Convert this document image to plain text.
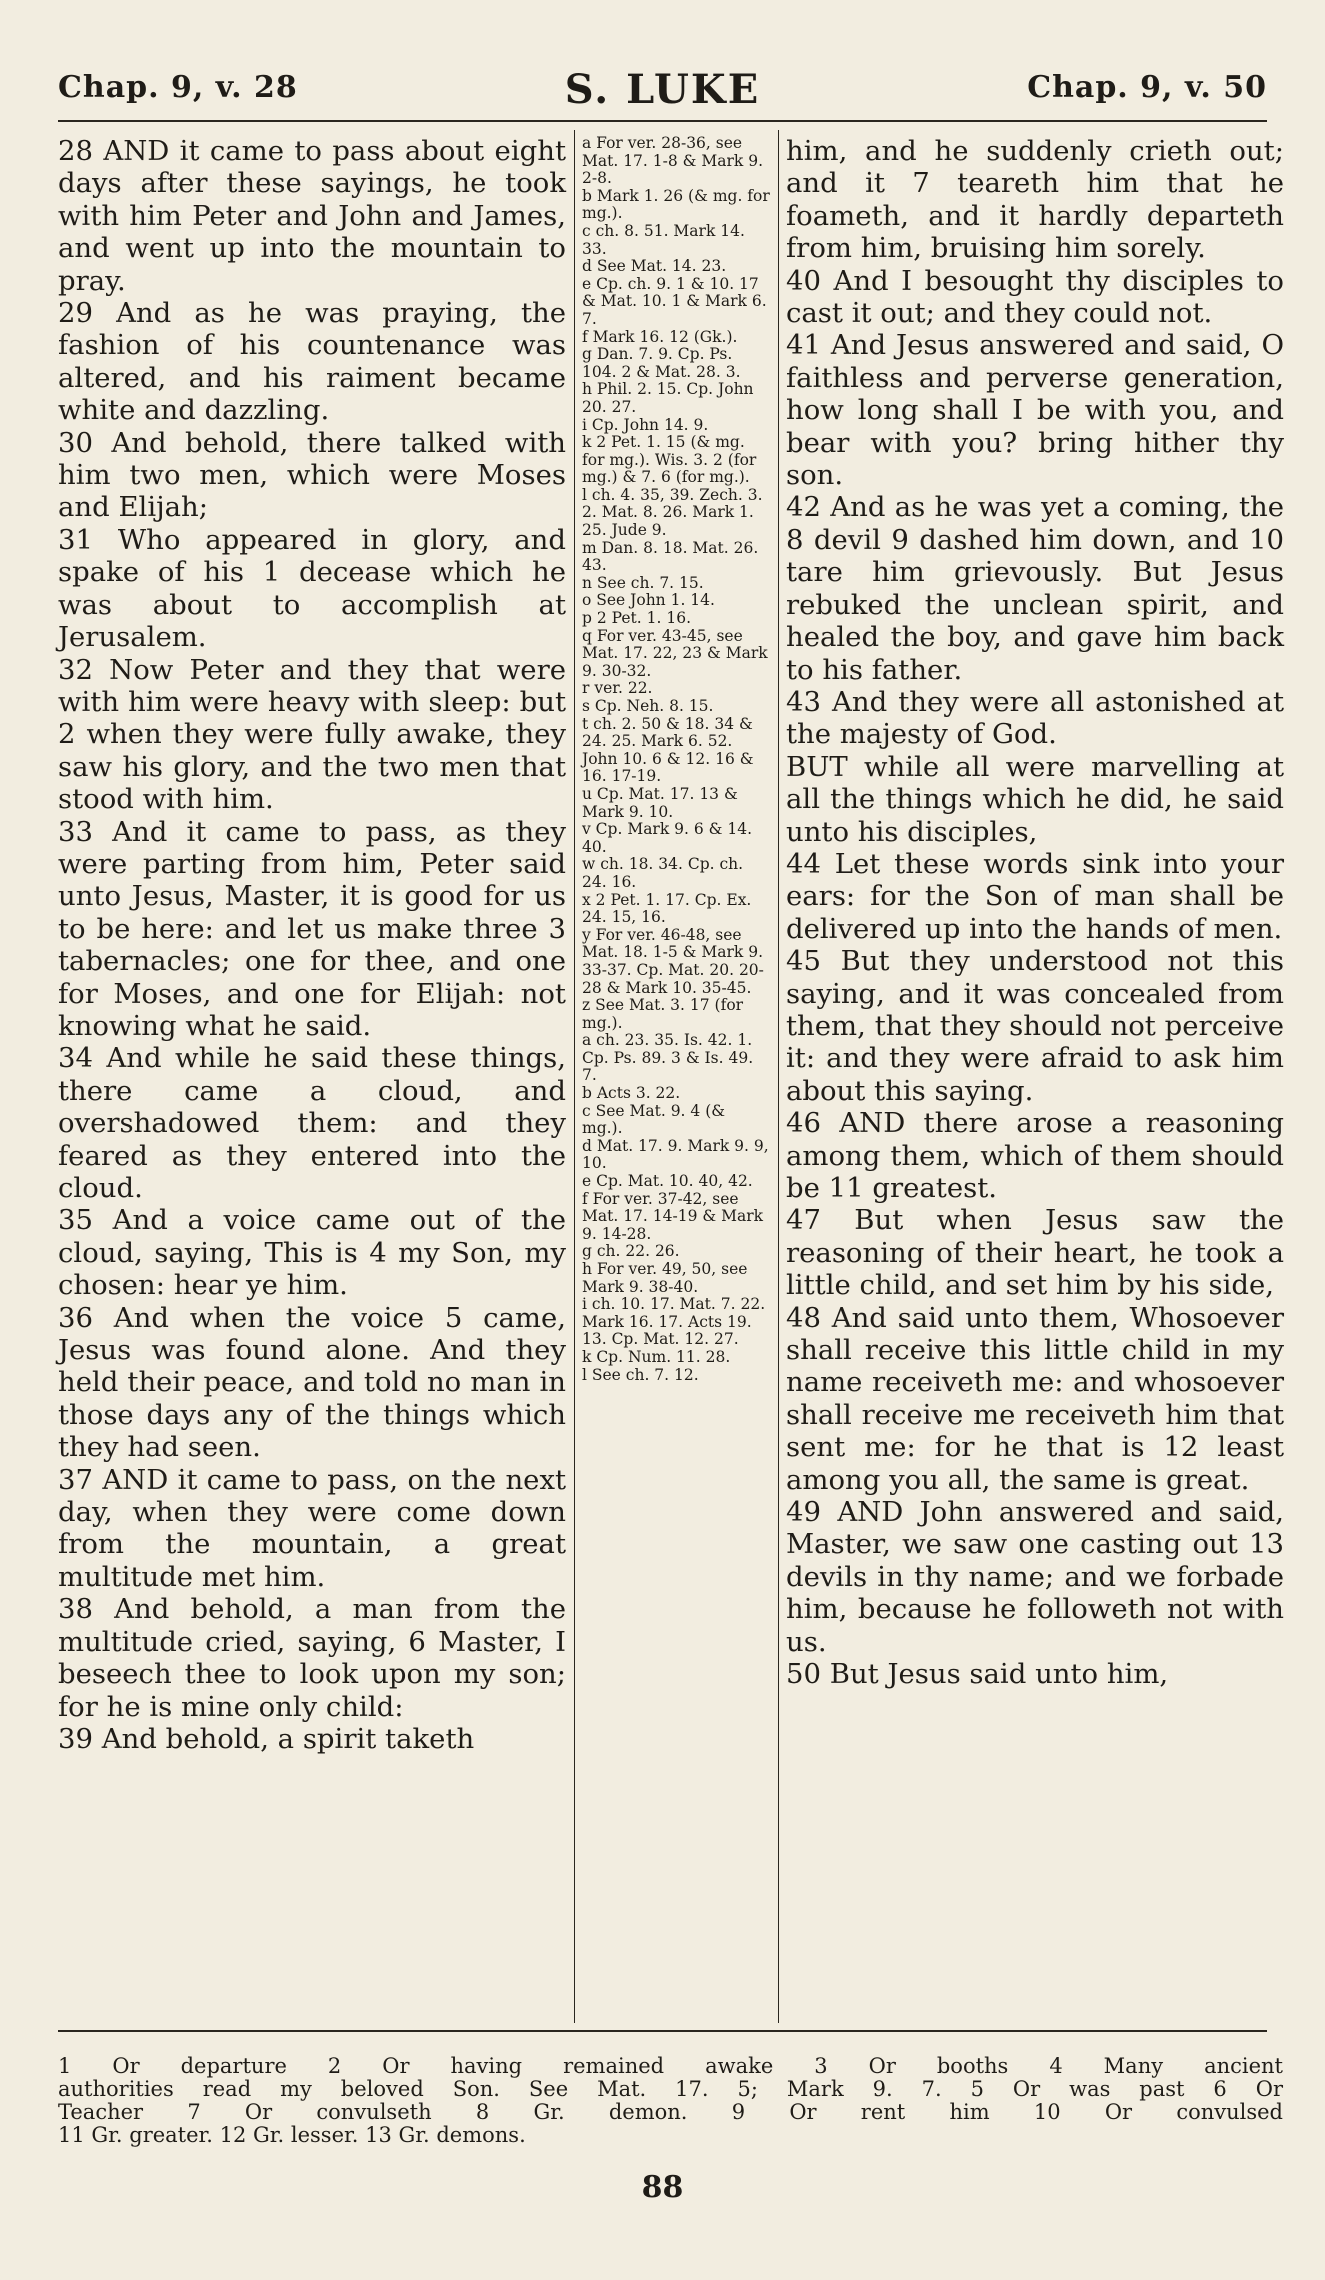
Chap. 9, v. 28	S. LUKE	Chap. 9, v. 50

28 AND it came to pass about eight days after these sayings, he took with him Peter and John and James, and went up into the mountain to pray.

29 And as he was praying, the fashion of his countenance was altered, and his raiment became white and dazzling.

30 And behold, there talked with him two men, which were Moses and Elijah;

31 Who appeared in glory, and spake of his 1 decease which he was about to accomplish at Jerusalem.

32 Now Peter and they that were with him were heavy with sleep: but 2 when they were fully awake, they saw his glory, and the two men that stood with him.

33 And it came to pass, as they were parting from him, Peter said unto Jesus, Master, it is good for us to be here: and let us make three 3 tabernacles; one for thee, and one for Moses, and one for Elijah: not knowing what he said.

34 And while he said these things, there came a cloud, and overshadowed them: and they feared as they entered into the cloud.

35 And a voice came out of the cloud, saying, This is 4 my Son, my chosen: hear ye him.

36 And when the voice 5 came, Jesus was found alone. And they held their peace, and told no man in those days any of the things which they had seen.

37 AND it came to pass, on the next day, when they were come down from the mountain, a great multitude met him.

38 And behold, a man from the multitude cried, saying, 6 Master, I beseech thee to look upon my son; for he is mine only child:

39 And behold, a spirit taketh

a For ver. 28-36, see Mat. 17. 1-8 & Mark 9. 2-8.
b Mark 1. 26 (& mg. for mg.).
c ch. 8. 51. Mark 14. 33.
d See Mat. 14. 23.
e Cp. ch. 9. 1 & 10. 17 & Mat. 10. 1 & Mark 6. 7.
f Mark 16. 12 (Gk.).
g Dan. 7. 9. Cp. Ps. 104. 2 & Mat. 28. 3.
h Phil. 2. 15. Cp. John 20. 27.
i Cp. John 14. 9.
k 2 Pet. 1. 15 (& mg. for mg.). Wis. 3. 2 (for mg.) & 7. 6 (for mg.).
l ch. 4. 35, 39. Zech. 3. 2. Mat. 8. 26. Mark 1. 25. Jude 9.
m Dan. 8. 18. Mat. 26. 43.
n See ch. 7. 15.
o See John 1. 14.
p 2 Pet. 1. 16.
q For ver. 43-45, see Mat. 17. 22, 23 & Mark 9. 30-32.
r ver. 22.
s Cp. Neh. 8. 15.
t ch. 2. 50 & 18. 34 & 24. 25. Mark 6. 52. John 10. 6 & 12. 16 & 16. 17-19.
u Cp. Mat. 17. 13 & Mark 9. 10.
v Cp. Mark 9. 6 & 14. 40.
w ch. 18. 34. Cp. ch. 24. 16.
x 2 Pet. 1. 17. Cp. Ex. 24. 15, 16.
y For ver. 46-48, see Mat. 18. 1-5 & Mark 9. 33-37. Cp. Mat. 20. 20-28 & Mark 10. 35-45.
z See Mat. 3. 17 (for mg.).
a ch. 23. 35. Is. 42. 1. Cp. Ps. 89. 3 & Is. 49. 7.
b Acts 3. 22.
c See Mat. 9. 4 (& mg.).
d Mat. 17. 9. Mark 9. 9, 10.
e Cp. Mat. 10. 40, 42.
f For ver. 37-42, see Mat. 17. 14-19 & Mark 9. 14-28.
g ch. 22. 26.
h For ver. 49, 50, see Mark 9. 38-40.
i ch. 10. 17. Mat. 7. 22. Mark 16. 17. Acts 19. 13. Cp. Mat. 12. 27.
k Cp. Num. 11. 28.
l See ch. 7. 12.

him, and he suddenly crieth out; and it 7 teareth him that he foameth, and it hardly departeth from him, bruising him sorely.

40 And I besought thy disciples to cast it out; and they could not.

41 And Jesus answered and said, O faithless and perverse generation, how long shall I be with you, and bear with you? bring hither thy son.

42 And as he was yet a coming, the 8 devil 9 dashed him down, and 10 tare him grievously. But Jesus rebuked the unclean spirit, and healed the boy, and gave him back to his father.

43 And they were all astonished at the majesty of God.

BUT while all were marvelling at all the things which he did, he said unto his disciples,

44 Let these words sink into your ears: for the Son of man shall be delivered up into the hands of men.

45 But they understood not this saying, and it was concealed from them, that they should not perceive it: and they were afraid to ask him about this saying.

46 AND there arose a reasoning among them, which of them should be 11 greatest.

47 But when Jesus saw the reasoning of their heart, he took a little child, and set him by his side,

48 And said unto them, Whosoever shall receive this little child in my name receiveth me: and whosoever shall receive me receiveth him that sent me: for he that is 12 least among you all, the same is great.

49 AND John answered and said, Master, we saw one casting out 13 devils in thy name; and we forbade him, because he followeth not with us.

50 But Jesus said unto him,

1 Or departure 2 Or having remained awake 3 Or booths 4 Many ancient

authorities read my beloved Son. See Mat. 17. 5; Mark 9. 7. 5 Or was past 6 Or

Teacher 7 Or convulseth 8 Gr. demon. 9 Or rent him 10 Or convulsed

11 Gr. greater. 12 Gr. lesser. 13 Gr. demons.

88
